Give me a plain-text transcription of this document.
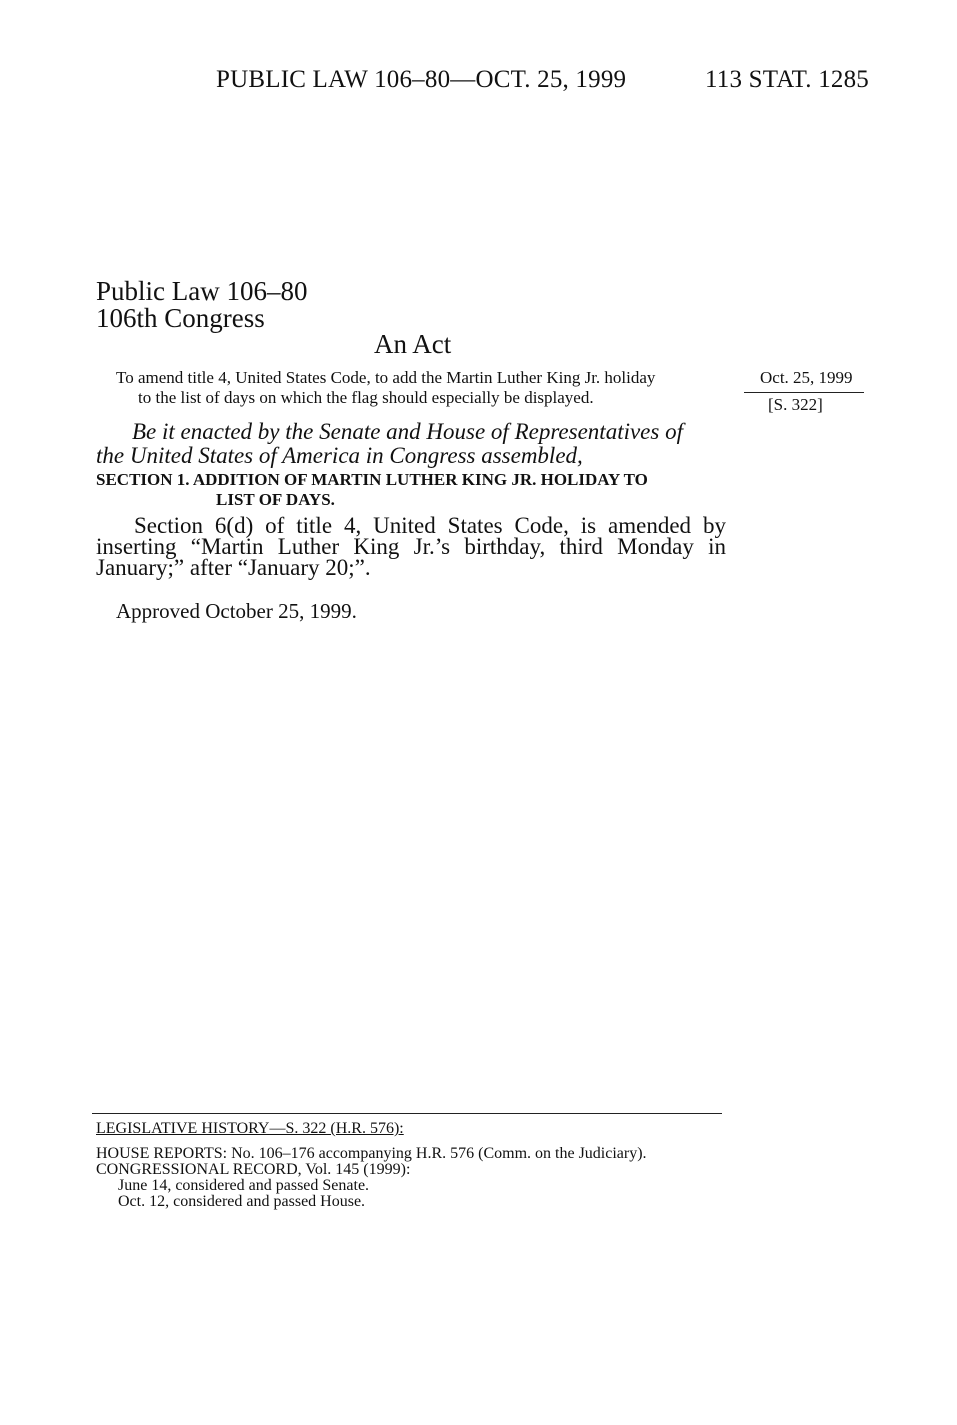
PUBLIC LAW 106–80—OCT. 25, 1999	113 STAT. 1285

Public Law 106–80

106th Congress

An Act

To amend title 4, United States Code, to add the Martin Luther King Jr. holiday
to the list of days on which the flag should especially be displayed.

Oct. 25, 1999

[S. 322]

Be it enacted by the Senate and House of Representatives of
the United States of America in Congress assembled,

SECTION 1. ADDITION OF MARTIN LUTHER KING JR. HOLIDAY TO
LIST OF DAYS.

Section 6(d) of title 4, United States Code, is amended by inserting “Martin Luther King Jr.’s birthday, third Monday in January;” after “January 20;”.

Approved October 25, 1999.

LEGISLATIVE HISTORY—S. 322 (H.R. 576):

HOUSE REPORTS: No. 106–176 accompanying H.R. 576 (Comm. on the Judiciary).

CONGRESSIONAL RECORD, Vol. 145 (1999):

June 14, considered and passed Senate.

Oct. 12, considered and passed House.
